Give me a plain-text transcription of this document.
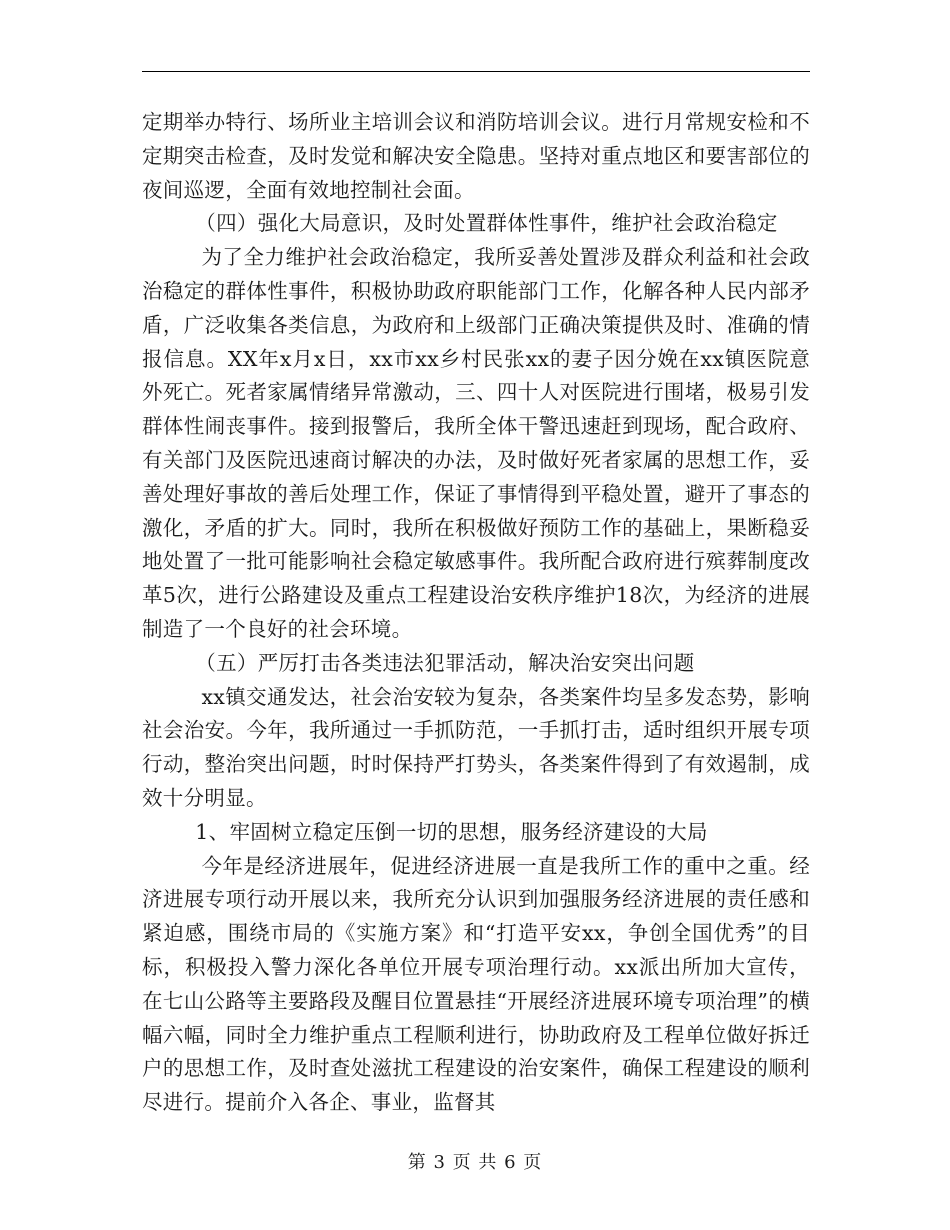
定期举办特行、场所业主培训会议和消防培训会议。进行月常规安检和不定期突击检查，及时发觉和解决安全隐患。坚持对重点地区和要害部位的夜间巡逻，全面有效地控制社会面。

（四）强化大局意识，及时处置群体性事件，维护社会政治稳定

为了全力维护社会政治稳定，我所妥善处置涉及群众利益和社会政治稳定的群体性事件，积极协助政府职能部门工作，化解各种人民内部矛盾，广泛收集各类信息，为政府和上级部门正确决策提供及时、准确的情报信息。XX年x月x日，xx市xx乡村民张xx的妻子因分娩在xx镇医院意外死亡。死者家属情绪异常激动，三、四十人对医院进行围堵，极易引发群体性闹丧事件。接到报警后，我所全体干警迅速赶到现场，配合政府、有关部门及医院迅速商讨解决的办法，及时做好死者家属的思想工作，妥善处理好事故的善后处理工作，保证了事情得到平稳处置，避开了事态的激化，矛盾的扩大。同时，我所在积极做好预防工作的基础上，果断稳妥地处置了一批可能影响社会稳定敏感事件。我所配合政府进行殡葬制度改革5次，进行公路建设及重点工程建设治安秩序维护18次，为经济的进展制造了一个良好的社会环境。

（五）严厉打击各类违法犯罪活动，解决治安突出问题

xx镇交通发达，社会治安较为复杂，各类案件均呈多发态势，影响社会治安。今年，我所通过一手抓防范，一手抓打击，适时组织开展专项行动，整治突出问题，时时保持严打势头，各类案件得到了有效遏制，成效十分明显。

1、牢固树立稳定压倒一切的思想，服务经济建设的大局

今年是经济进展年，促进经济进展一直是我所工作的重中之重。经济进展专项行动开展以来，我所充分认识到加强服务经济进展的责任感和紧迫感，围绕市局的《实施方案》和“打造平安xx，争创全国优秀”的目标，积极投入警力深化各单位开展专项治理行动。xx派出所加大宣传，在七山公路等主要路段及醒目位置悬挂“开展经济进展环境专项治理”的横幅六幅，同时全力维护重点工程顺利进行，协助政府及工程单位做好拆迁户的思想工作，及时查处滋扰工程建设的治安案件，确保工程建设的顺利尽进行。提前介入各企、事业，监督其

第 3 页 共 6 页
